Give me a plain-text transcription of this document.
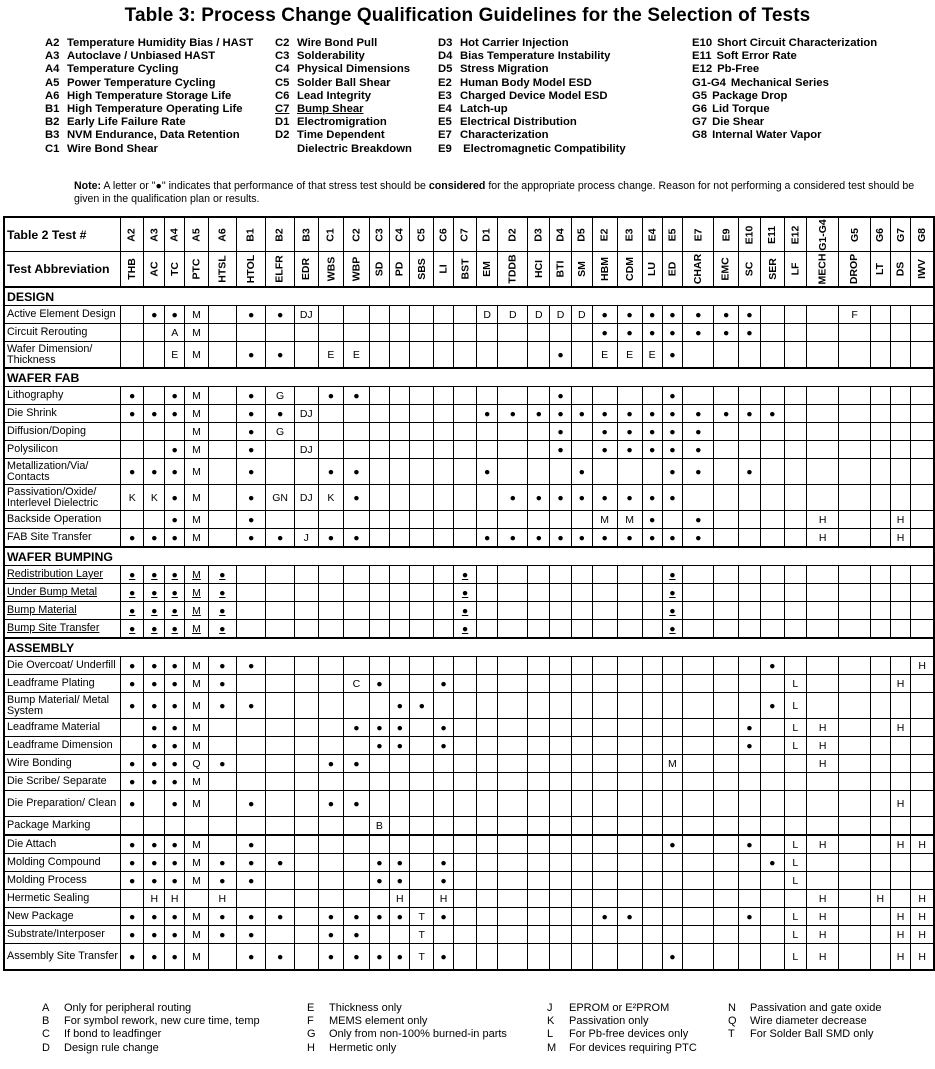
Table 3: Process Change Qualification Guidelines for the Selection of Tests
A2 Temperature Humidity Bias / HAST
A3 Autoclave / Unbiased HAST
A4 Temperature Cycling
A5 Power Temperature Cycling
A6 High Temperature Storage Life
B1 High Temperature Operating Life
B2 Early Life Failure Rate
B3 NVM Endurance, Data Retention
C1 Wire Bond Shear
C2 Wire Bond Pull
C3 Solderability
C4 Physical Dimensions
C5 Solder Ball Shear
C6 Lead Integrity
C7 Bump Shear
D1 Electromigration
D2 Time Dependent
Dielectric Breakdown
D3 Hot Carrier Injection
D4 Bias Temperature Instability
D5 Stress Migration
E2 Human Body Model ESD
E3 Charged Device Model ESD
E4 Latch-up
E5 Electrical Distribution
E7 Characterization
E9 Electromagnetic Compatibility
E10 Short Circuit Characterization
E11 Soft Error Rate
E12 Pb-Free
G1-G4 Mechanical Series
G5 Package Drop
G6 Lid Torque
G7 Die Shear
G8 Internal Water Vapor
Note: A letter or "●" indicates that performance of that stress test should be considered for the appropriate process change. Reason for not performing a considered test should be given in the qualification plan or results.
Table 2 Test #	A2	A3	A4	A5	A6	B1	B2	B3	C1	C2	C3	C4	C5	C6	C7	D1	D2	D3	D4	D5	E2	E3	E4	E5	E7	E9	E10	E11	E12	G1-G4	G5	G6	G7	G8
Test Abbreviation	THB	AC	TC	PTC	HTSL	HTOL	ELFR	EDR	WBS	WBP	SD	PD	SBS	LI	BST	EM	TDDB	HCI	BTI	SM	HBM	CDM	LU	ED	CHAR	EMC	SC	SER	LF	MECH	DROP	LT	DS	IWV
DESIGN																																		
Active Element Design		●	●	M		●	●	DJ								D	D	D	D	D	●	●	●	●	●	●	●				F			
Circuit Rerouting			A	M																	●	●	●	●	●	●	●							
Wafer Dimension/ Thickness			E	M		●	●		E	E									●		E	E	E	●										
WAFER FAB																																		
Lithography	●		●	M		●	G		●	●									●					●										
Die Shrink	●	●	●	M		●	●	DJ								●	●	●	●	●	●	●	●	●	●	●	●	●						
Diffusion/Doping				M		●	G												●		●	●	●	●	●									
Polysilicon			●	M		●		DJ											●		●	●	●	●	●									
Metallization/Via/ Contacts	●	●	●	M		●			●	●						●				●				●	●		●							
Passivation/Oxide/ Interlevel Dielectric	K	K	●	M		●	GN	DJ	K	●							●	●	●	●	●	●	●	●										
Backside Operation			●	M		●															M	M	●		●					H			H	
FAB Site Transfer	●	●	●	M		●	●	J	●	●						●	●	●	●	●	●	●	●	●	●					H			H	
WAFER BUMPING																																		
Redistribution Layer	●	●	●	M	●										●									●										
Under Bump Metal	●	●	●	M	●										●									●										
Bump Material	●	●	●	M	●										●									●										
Bump Site Transfer	●	●	●	M	●										●									●										
ASSEMBLY																																		
Die Overcoat/ Underfill	●	●	●	M	●	●																						●						H
Leadframe Plating	●	●	●	M	●					C	●			●															L				H	
Bump Material/ Metal System	●	●	●	M	●	●						●	●															●	L					
Leadframe Material		●	●	M						●	●	●		●													●		L	H			H	
Leadframe Dimension		●	●	M							●	●		●													●		L	H				
Wire Bonding	●	●	●	Q	●				●	●														M						H				
Die Scribe/ Separate	●	●	●	M																														
Die Preparation/ Clean	●		●	M		●			●	●																							H	
Package Marking											B																							
Die Attach	●	●	●	M		●																		●			●		L	H			H	H
Molding Compound	●	●	●	M	●	●	●				●	●		●														●	L					
Molding Process	●	●	●	M	●	●					●	●		●															L					
Hermetic Sealing		H	H		H							H		H																H		H		H
New Package	●	●	●	M	●	●	●		●	●	●	●	T	●							●	●					●		L	H			H	H
Substrate/Interposer	●	●	●	M	●	●			●	●			T																L	H			H	H
Assembly Site Transfer	●	●	●	M		●	●		●	●	●	●	T	●										●					L	H			H	H
A Only for peripheral routing
B For symbol rework, new cure time, temp
C If bond to leadfinger
D Design rule change
E Thickness only
F MEMS element only
G Only from non-100% burned-in parts
H Hermetic only
J EPROM or E²PROM
K Passivation only
L For Pb-free devices only
M For devices requiring PTC
N Passivation and gate oxide
Q Wire diameter decrease
T For Solder Ball SMD only
